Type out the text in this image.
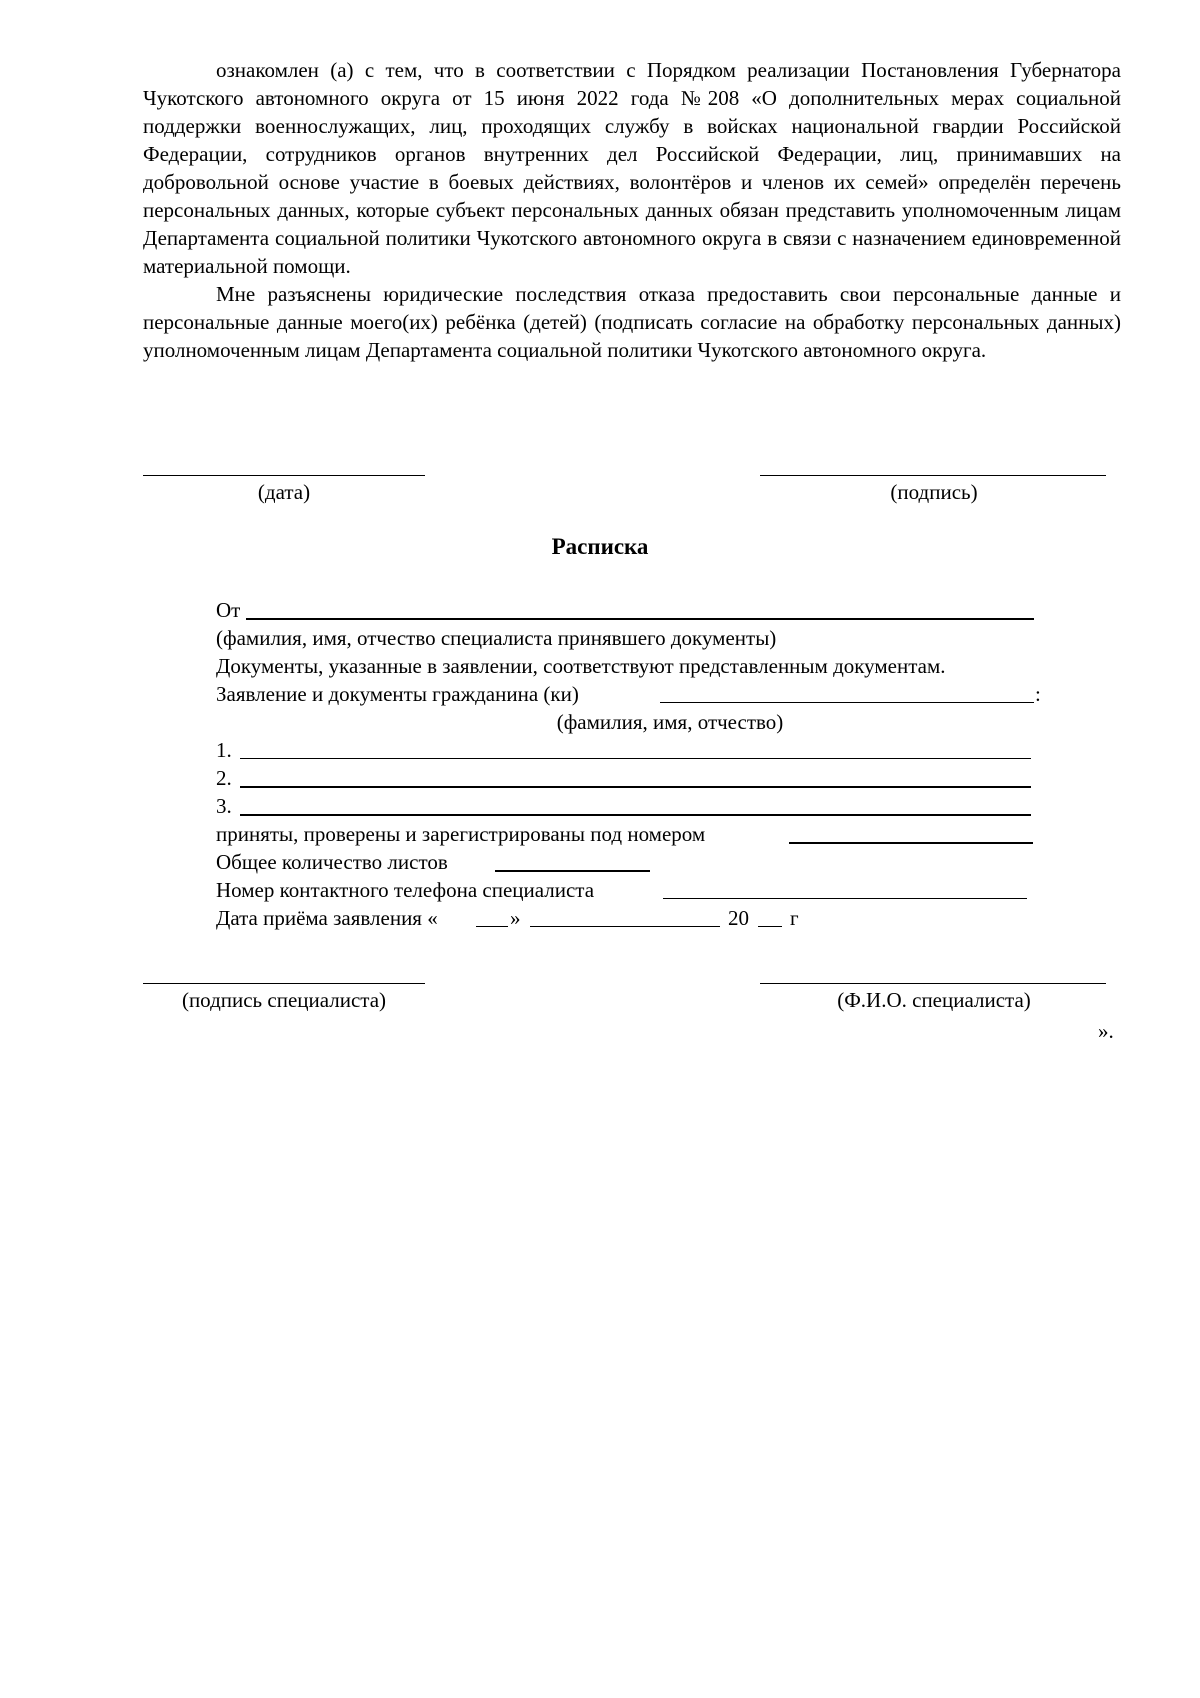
ознакомлен (а) с тем, что в соответствии с Порядком реализации Постановления Губернатора Чукотского автономного округа от 15 июня 2022 года №208 «О дополнительных мерах социальной поддержки военнослужащих, лиц, проходящих службу в войсках национальной гвардии Российской Федерации, сотрудников органов внутренних дел Российской Федерации, лиц, принимавших на добровольной основе участие в боевых действиях, волонтёров и членов их семей» определён перечень персональных данных, которые субъект персональных данных обязан представить уполномоченным лицам Департамента социальной политики Чукотского автономного округа в связи с назначением единовременной материальной помощи.

Мне разъяснены юридические последствия отказа предоставить свои персональные данные и персональные данные моего(их) ребёнка (детей) (подписать согласие на обработку персональных данных) уполномоченным лицам Департамента социальной политики Чукотского автономного округа.

(дата)	(подпись)
Расписка
От
(фамилия, имя, отчество специалиста принявшего документы)
Документы, указанные в заявлении, соответствуют представленным документам.
Заявление и документы гражданина (ки)	:
(фамилия, имя, отчество)
1.
2.
3.
приняты, проверены и зарегистрированы под номером
Общее количество листов
Номер контактного телефона специалиста
Дата приёма заявления «	»	20 г
(подпись специалиста)	(Ф.И.О. специалиста)
».
